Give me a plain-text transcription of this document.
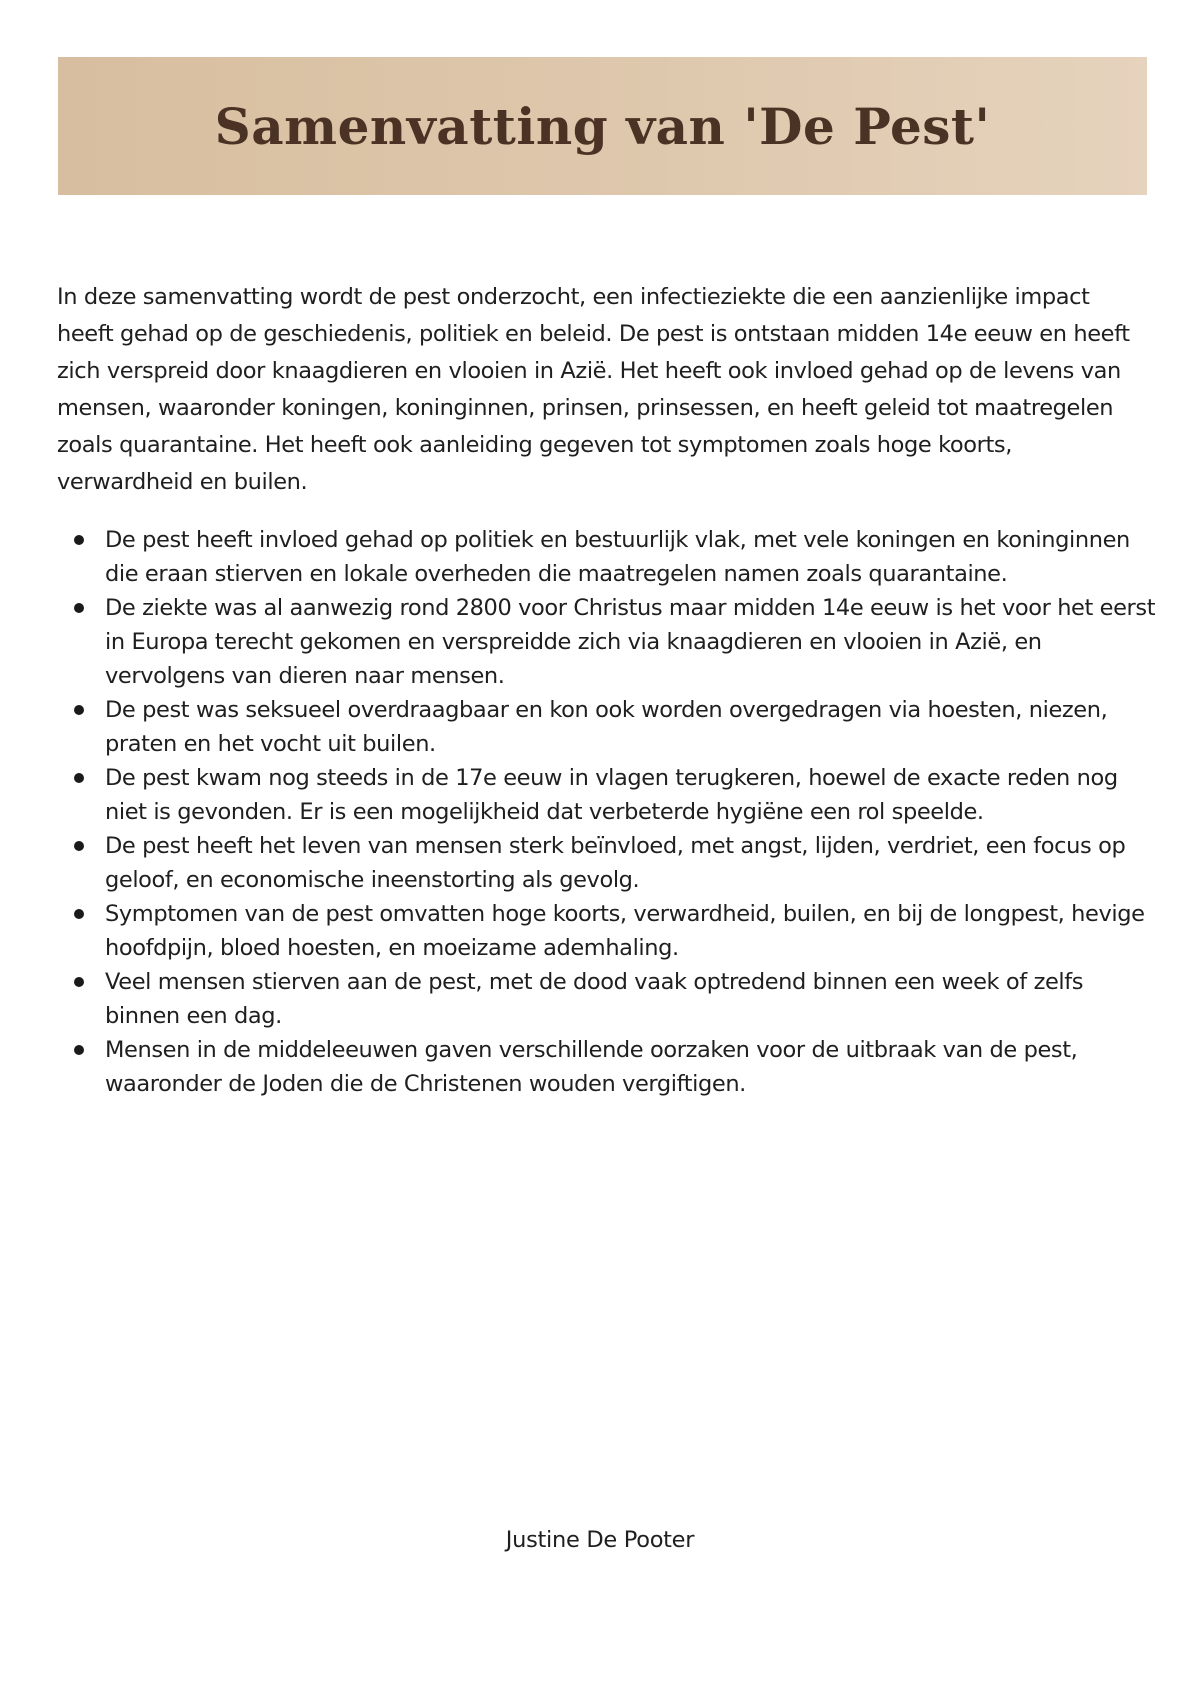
Samenvatting van 'De Pest'

In deze samenvatting wordt de pest onderzocht, een infectieziekte die een aanzienlijke impact heeft gehad op de geschiedenis, politiek en beleid. De pest is ontstaan midden 14e eeuw en heeft zich verspreid door knaagdieren en vlooien in Azië. Het heeft ook invloed gehad op de levens van mensen, waaronder koningen, koninginnen, prinsen, prinsessen, en heeft geleid tot maatregelen zoals quarantaine. Het heeft ook aanleiding gegeven tot symptomen zoals hoge koorts, verwardheid en builen.

De pest heeft invloed gehad op politiek en bestuurlijk vlak, met vele koningen en koninginnen die eraan stierven en lokale overheden die maatregelen namen zoals quarantaine.
De ziekte was al aanwezig rond 2800 voor Christus maar midden 14e eeuw is het voor het eerst in Europa terecht gekomen en verspreidde zich via knaagdieren en vlooien in Azië, en vervolgens van dieren naar mensen.
De pest was seksueel overdraagbaar en kon ook worden overgedragen via hoesten, niezen, praten en het vocht uit builen.
De pest kwam nog steeds in de 17e eeuw in vlagen terugkeren, hoewel de exacte reden nog niet is gevonden. Er is een mogelijkheid dat verbeterde hygiëne een rol speelde.
De pest heeft het leven van mensen sterk beïnvloed, met angst, lijden, verdriet, een focus op geloof, en economische ineenstorting als gevolg.
Symptomen van de pest omvatten hoge koorts, verwardheid, builen, en bij de longpest, hevige hoofdpijn, bloed hoesten, en moeizame ademhaling.
Veel mensen stierven aan de pest, met de dood vaak optredend binnen een week of zelfs binnen een dag.
Mensen in de middeleeuwen gaven verschillende oorzaken voor de uitbraak van de pest, waaronder de Joden die de Christenen wouden vergiftigen.
Justine De Pooter
